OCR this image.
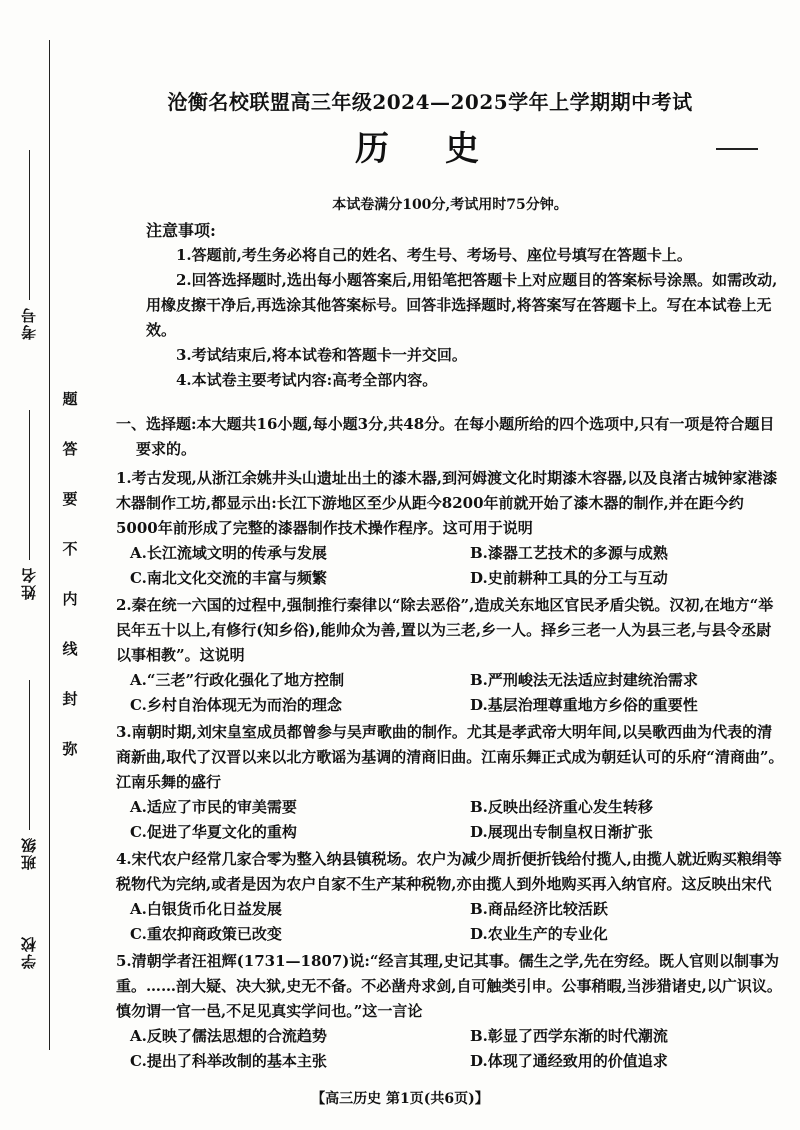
考号
姓名
班级
学校
题
答
要
不
内
线
封
弥
沧衡名校联盟高三年级2024—2025学年上学期期中考试
历史
本试卷满分100分,考试用时75分钟。
注意事项:

1.答题前,考生务必将自己的姓名、考生号、考场号、座位号填写在答题卡上。

2.回答选择题时,选出每小题答案后,用铅笔把答题卡上对应题目的答案标号涂黑。如需改动,用橡皮擦干净后,再选涂其他答案标号。回答非选择题时,将答案写在答题卡上。写在本试卷上无效。

3.考试结束后,将本试卷和答题卡一并交回。

4.本试卷主要考试内容:高考全部内容。

一、选择题:本大题共16小题,每小题3分,共48分。在每小题所给的四个选项中,只有一项是符合题目要求的。

1.考古发现,从浙江余姚井头山遗址出土的漆木器,到河姆渡文化时期漆木容器,以及良渚古城钟家港漆木器制作工坊,都显示出:长江下游地区至少从距今8200年前就开始了漆木器的制作,并在距今约5000年前形成了完整的漆器制作技术操作程序。这可用于说明

A.长江流域文明的传承与发展	B.漆器工艺技术的多源与成熟
C.南北文化交流的丰富与频繁	D.史前耕种工具的分工与互动

2.秦在统一六国的过程中,强制推行秦律以“除去恶俗”,造成关东地区官民矛盾尖锐。汉初,在地方“举民年五十以上,有修行(知乡俗),能帅众为善,置以为三老,乡一人。择乡三老一人为县三老,与县令丞尉以事相教”。这说明

A.“三老”行政化强化了地方控制	B.严刑峻法无法适应封建统治需求
C.乡村自治体现无为而治的理念	D.基层治理尊重地方乡俗的重要性

3.南朝时期,刘宋皇室成员都曾参与吴声歌曲的制作。尤其是孝武帝大明年间,以吴歌西曲为代表的清商新曲,取代了汉晋以来以北方歌谣为基调的清商旧曲。江南乐舞正式成为朝廷认可的乐府“清商曲”。江南乐舞的盛行

A.适应了市民的审美需要	B.反映出经济重心发生转移
C.促进了华夏文化的重构	D.展现出专制皇权日渐扩张

4.宋代农户经常几家合零为整入纳县镇税场。农户为减少周折便折钱给付揽人,由揽人就近购买粮绢等税物代为完纳,或者是因为农户自家不生产某种税物,亦由揽人到外地购买再入纳官府。这反映出宋代

A.白银货币化日益发展	B.商品经济比较活跃
C.重农抑商政策已改变	D.农业生产的专业化

5.清朝学者汪祖辉(1731—1807)说:“经言其理,史记其事。儒生之学,先在穷经。既人官则以制事为重。……剖大疑、决大狱,史无不备。不必凿舟求剑,自可触类引申。公事稍暇,当涉猎诸史,以广识议。慎勿谓一官一邑,不足见真实学问也。”这一言论

A.反映了儒法思想的合流趋势	B.彰显了西学东渐的时代潮流
C.提出了科举改制的基本主张	D.体现了通经致用的价值追求
【高三历史 第1页(共6页)】
